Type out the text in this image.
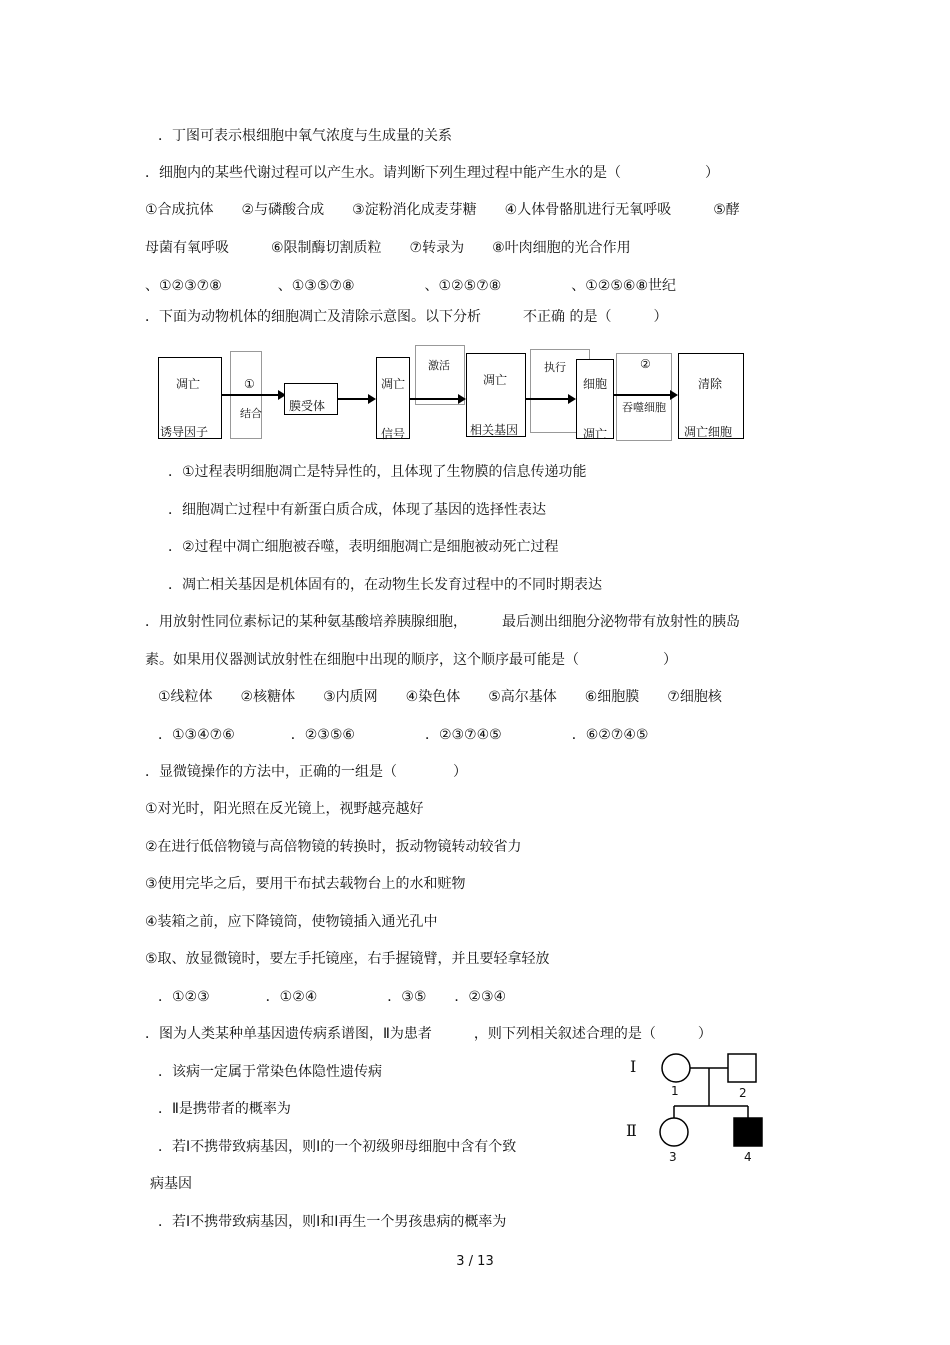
．丁图可表示根细胞中氧气浓度与生成量的关系
．细胞内的某些代谢过程可以产生水。请判断下列生理过程中能产生水的是（　　　　　　）
①合成抗体　　②与磷酸合成　　③淀粉消化成麦芽糖　　④人体骨骼肌进行无氧呼吸　　　⑤酵
母菌有氧呼吸　　　⑥限制酶切割质粒　　⑦转录为　　⑧叶肉细胞的光合作用
、①②③⑦⑧　　　　、①③⑤⑦⑧　　　　　、①②⑤⑦⑧　　　　　、①②⑤⑥⑧世纪
．下面为动物机体的细胞凋亡及清除示意图。以下分析　　　不正确 的是（　　　）
凋亡
诱导因子
①
结合
膜受体
凋亡
信号
激活
凋亡
相关基因
执行
细胞
凋亡
②
吞噬细胞
清除
凋亡细胞
．①过程表明细胞凋亡是特异性的，且体现了生物膜的信息传递功能
．细胞凋亡过程中有新蛋白质合成，体现了基因的选择性表达
．②过程中凋亡细胞被吞噬，表明细胞凋亡是细胞被动死亡过程
．凋亡相关基因是机体固有的，在动物生长发育过程中的不同时期表达
．用放射性同位素标记的某种氨基酸培养胰腺细胞，　　　最后测出细胞分泌物带有放射性的胰岛
素。如果用仪器测试放射性在细胞中出现的顺序，这个顺序最可能是（　　　　　　）
①线粒体　　②核糖体　　③内质网　　④染色体　　⑤高尔基体　　⑥细胞膜　　⑦细胞核
．①③④⑦⑥　　　　．②③⑤⑥　　　　　．②③⑦④⑤　　　　　．⑥②⑦④⑤
．显微镜操作的方法中，正确的一组是（　　　　）
①对光时，阳光照在反光镜上，视野越亮越好
②在进行低倍物镜与高倍物镜的转换时，扳动物镜转动较省力
③使用完毕之后，要用干布拭去载物台上的水和赃物
④装箱之前，应下降镜筒，使物镜插入通光孔中
⑤取、放显微镜时，要左手托镜座，右手握镜臂，并且要轻拿轻放
．①②③　　　　．①②④　　　　　．③⑤　　．②③④
．图为人类某种单基因遗传病系谱图，Ⅱ为患者　　　，则下列相关叙述合理的是（　　　）
．该病一定属于常染色体隐性遗传病
．Ⅱ是携带者的概率为
．若Ⅰ不携带致病基因，则Ⅰ的一个初级卵母细胞中含有个致
病基因
．若Ⅰ不携带致病基因，则Ⅰ和Ⅰ再生一个男孩患病的概率为
Ⅰ
Ⅱ
1	2
3	4
3 / 13
